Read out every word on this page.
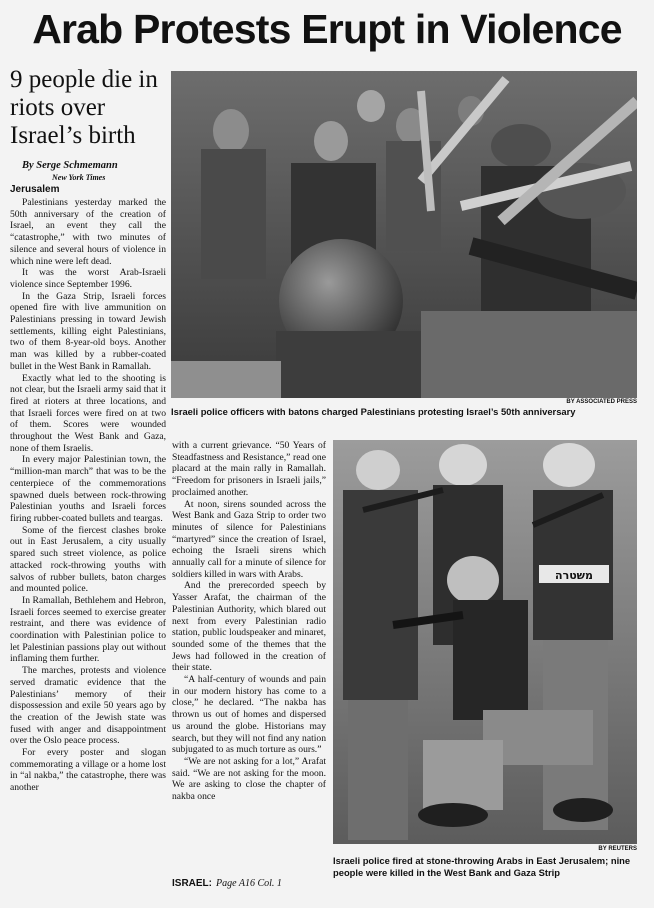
Arab Protests Erupt in Violence
9 people die in riots over Israel’s birth
By Serge Schmemann
New York Times
Jerusalem

Palestinians yesterday marked the 50th anniversary of the creation of Israel, an event they call the “catastrophe,” with two minutes of silence and several hours of violence in which nine were left dead.

It was the worst Arab-Israeli violence since September 1996.

In the Gaza Strip, Israeli forces opened fire with live ammunition on Palestinians pressing in toward Jewish settlements, killing eight Palestinians, two of them 8-year-old boys. Another man was killed by a rubber-coated bullet in the West Bank in Ramallah.

Exactly what led to the shooting is not clear, but the Israeli army said that it fired at rioters at three locations, and that Israeli forces were fired on at two of them. Scores were wounded throughout the West Bank and Gaza, none of them Israelis.

In every major Palestinian town, the “million-man march” that was to be the centerpiece of the commemorations spawned duels between rock-throwing Palestinian youths and Israeli forces firing rubber-coated bullets and teargas.

Some of the fiercest clashes broke out in East Jerusalem, a city usually spared such street violence, as police attacked rock-throwing youths with salvos of rubber bullets, baton charges and mounted police.

In Ramallah, Bethlehem and Hebron, Israeli forces seemed to exercise greater restraint, and there was evidence of coordination with Palestinian police to let Palestinian passions play out without inflaming them further.

The marches, protests and violence served dramatic evidence that the Palestinians’ memory of their dispossession and exile 50 years ago by the creation of the Jewish state was fused with anger and disappointment over the Oslo peace process.

For every poster and slogan commemorating a village or a home lost in “al nakba,” the catastrophe, there was another

with a current grievance. “50 Years of Steadfastness and Resistance,” read one placard at the main rally in Ramallah. “Freedom for prisoners in Israeli jails,” proclaimed another.

At noon, sirens sounded across the West Bank and Gaza Strip to order two minutes of silence for Palestinians “martyred” since the creation of Israel, echoing the Israeli sirens which annually call for a minute of silence for soldiers killed in wars with Arabs.

And the prerecorded speech by Yasser Arafat, the chairman of the Palestinian Authority, which blared out next from every Palestinian radio station, public loudspeaker and minaret, sounded some of the themes that the Jews had followed in the creation of their state.

“A half-century of wounds and pain in our modern history has come to a close,” he declared. “The nakba has thrown us out of homes and dispersed us around the globe. Historians may search, but they will not find any nation subjugated to as much torture as ours.”

“We are not asking for a lot,” Arafat said. “We are not asking for the moon. We are asking to close the chapter of nakba once

ISRAEL: Page A16 Col. 1
BY ASSOCIATED PRESS
Israeli police officers with batons charged Palestinians protesting Israel’s 50th anniversary
משטרה
BY REUTERS
Israeli police fired at stone-throwing Arabs in East Jerusalem; nine people were killed in the West Bank and Gaza Strip
